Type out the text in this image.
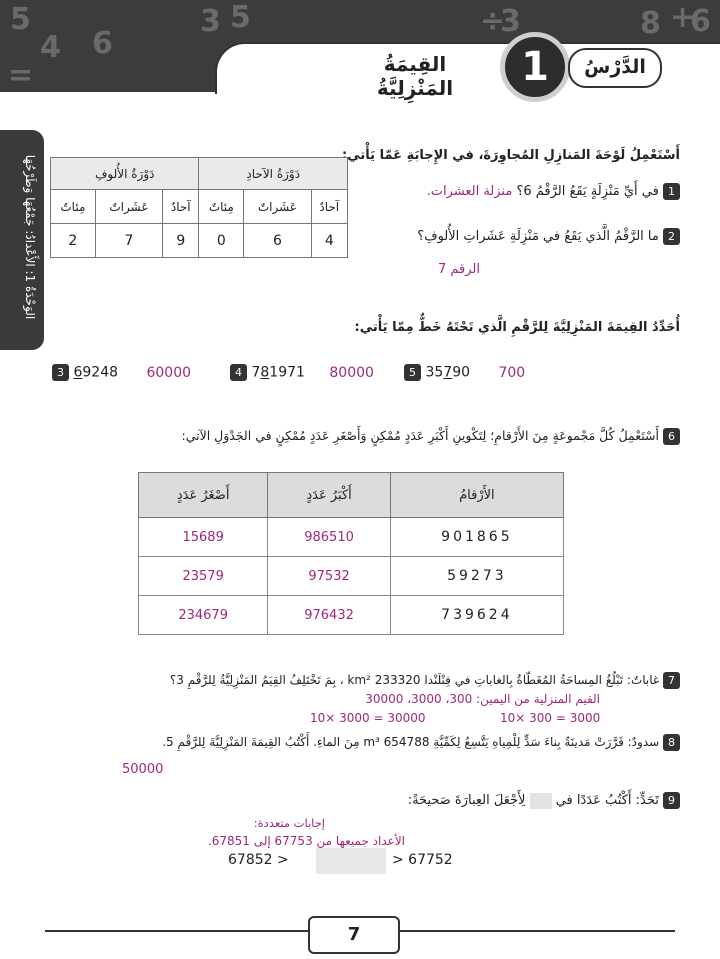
5
4 6
3 5	8 +
6
÷
3
=	القِيمَةُ المَنْزِلِيَّةُ	1	الدَّرْسُ
الوَحْدَةُ 1: الأَعْدادُ: جَمْعُهَا وَطَرْحُهَا	أَسْتَعْمِلُ لَوْحَةَ المَنازِلِ المُجاوِرَةَ، في الإِجابَةِ عَمّا يَأْتي:
دَوْرَةُ الأُلوفِ			دَوْرَةُ الآحادِ		
مِئاتٌ	عَشَراتٌ	آحادٌ	مِئاتٌ	عَشَراتٌ	آحادٌ
2	7	9	0	6	4
1 في أَيِّ مَنْزِلَةٍ يَقَعُ الرَّقْمُ 6؟ منزلة العشرات.
2 ما الرَّقْمُ الَّذي يَقَعُ في مَنْزِلَةِ عَشَراتِ الأُلوفِ؟
الرقم 7
أُحَدِّدُ القِيمَةَ المَنْزِلِيَّةَ لِلرَّقْمِ الَّذي تَحْتَهُ خَطٌّ مِمّا يَأْتي:
3 69248 60000	4 781971 80000	5 35790 700
6 أَسْتَعْمِلُ كُلَّ مَجْموعَةٍ مِنَ الأَرْقامِ؛ لِتَكْوينِ أَكْبَرِ عَدَدٍ مُمْكِنٍ وَأَصْغَرِ عَدَدٍ مُمْكِنٍ في الجَدْوَلِ الآتي:
أَصْغَرُ عَدَدٍ	أَكْبَرُ عَدَدٍ	الأَرْقامُ
15689	986510	901865
23579	97532	59273
234679	976432	739624
7 غاباتٌ: تَبْلُغُ المِساحَةُ المُغَطّاةُ بِالغاباتِ في فِنْلَنْدا 233320 km² ، بِمَ تَخْتَلِفُ القِيَمُ المَنْزِلِيَّةُ لِلرَّقْمِ 3؟
القيم المنزلية من اليمين: 300، 3000، 30000
10× 300 = 3000
10× 3000 = 30000
8 سدودٌ: قَرَّرَتْ مَدينَةٌ بِناءَ سَدٍّ لِلْمِياهِ يَتَّسِعُ لِكَمِّيَّةِ 654788 m³ مِنَ الماءِ. أَكْتُبُ القِيمَةَ المَنْزِلِيَّةَ لِلرَّقْمِ 5.
50000
9 تَحَدٍّ: أَكْتُبُ عَدَدًا في  لِأَجْعَلَ العِبارَةَ صَحيحَةً:
إجابات متعددة:
الأعداد جميعها من 67753 إلى 67851.
67852 >	> 67752
7
